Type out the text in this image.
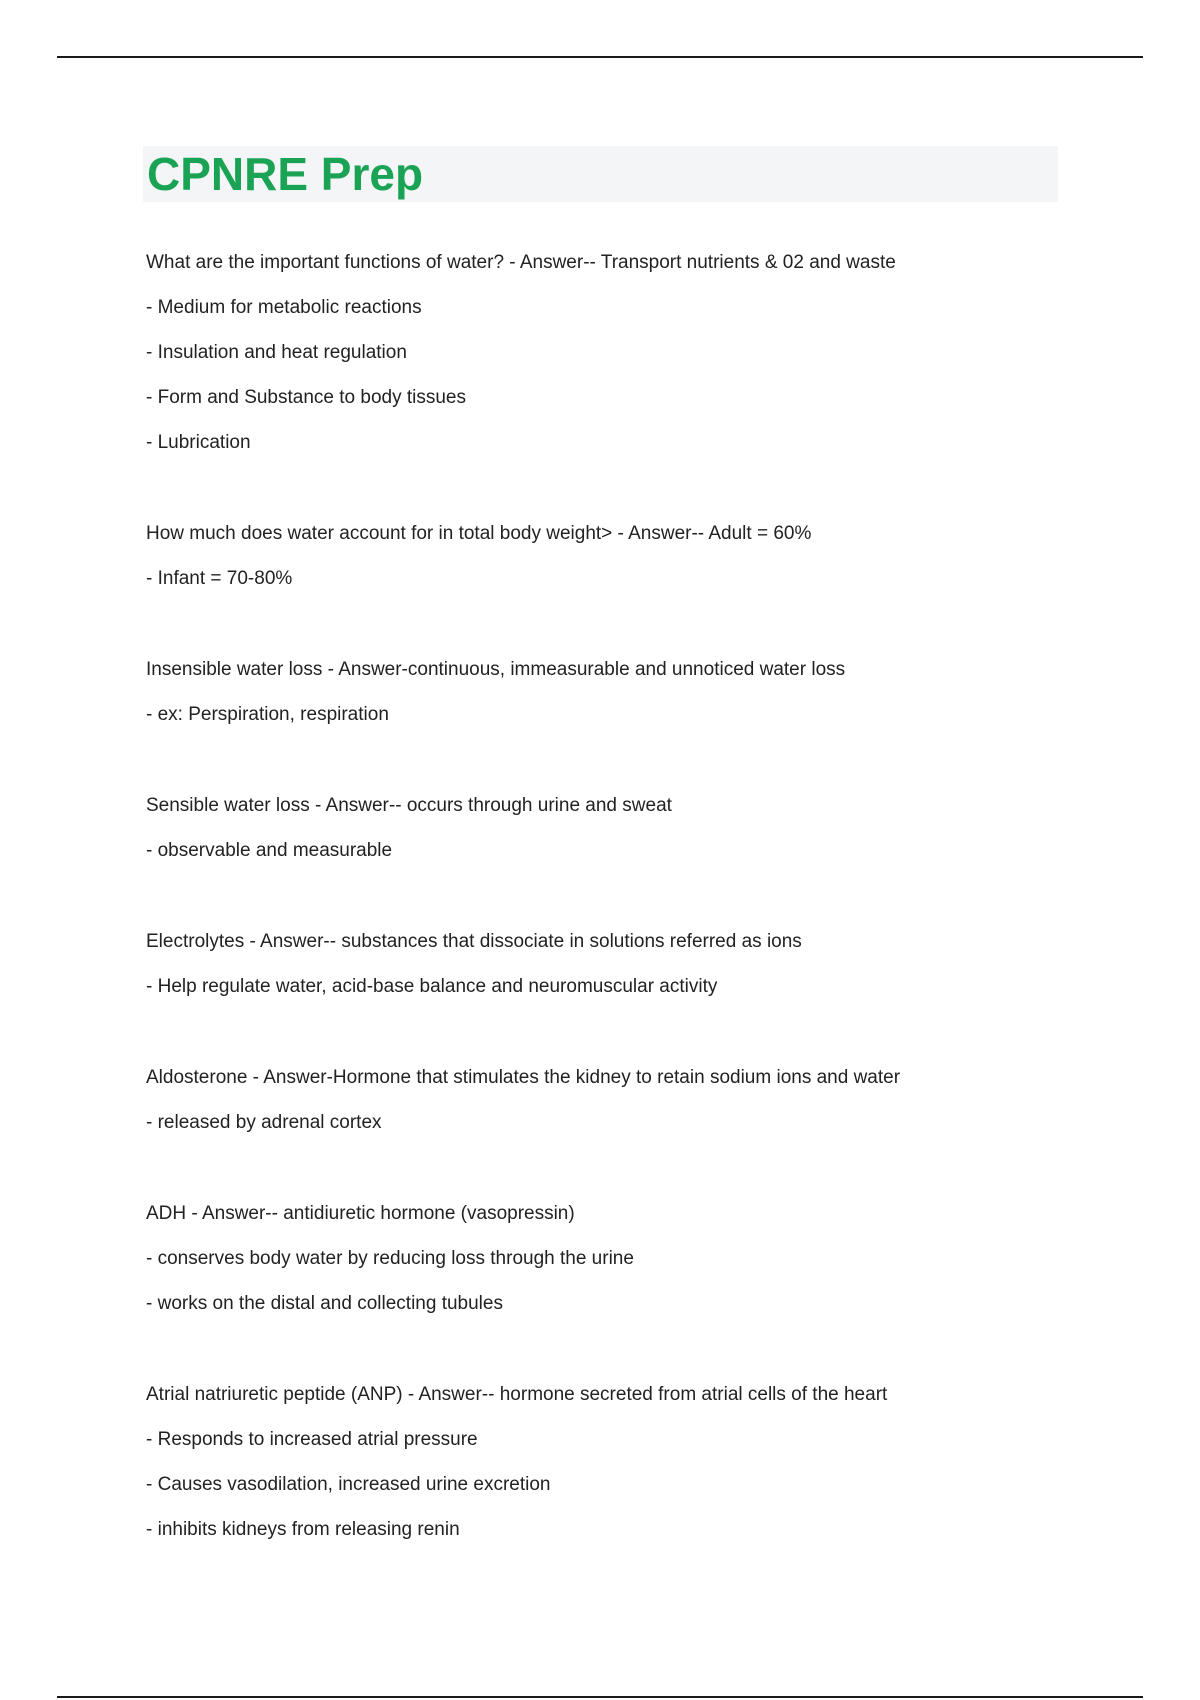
CPNRE Prep
What are the important functions of water? - Answer-- Transport nutrients & 02 and waste
- Medium for metabolic reactions
- Insulation and heat regulation
- Form and Substance to body tissues
- Lubrication
How much does water account for in total body weight> - Answer-- Adult = 60%
- Infant = 70-80%
Insensible water loss - Answer-continuous, immeasurable and unnoticed water loss
- ex: Perspiration, respiration
Sensible water loss - Answer-- occurs through urine and sweat
- observable and measurable
Electrolytes - Answer-- substances that dissociate in solutions referred as ions
- Help regulate water, acid-base balance and neuromuscular activity
Aldosterone - Answer-Hormone that stimulates the kidney to retain sodium ions and water
- released by adrenal cortex
ADH - Answer-- antidiuretic hormone (vasopressin)
- conserves body water by reducing loss through the urine
- works on the distal and collecting tubules
Atrial natriuretic peptide (ANP) - Answer-- hormone secreted from atrial cells of the heart
- Responds to increased atrial pressure
- Causes vasodilation, increased urine excretion
- inhibits kidneys from releasing renin
